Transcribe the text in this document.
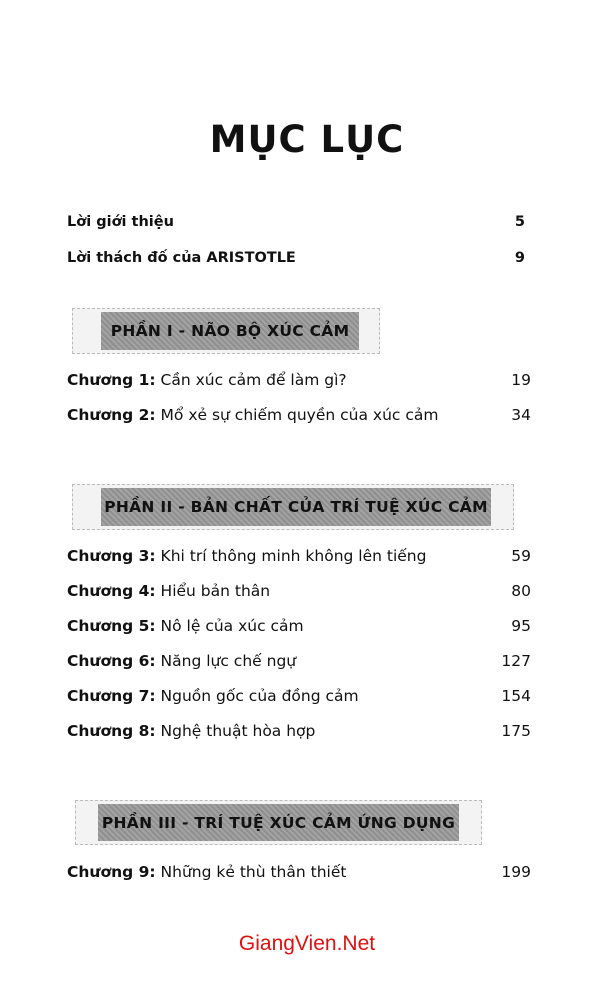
MỤC LỤC
Lời giới thiệu	5
Lời thách đố của ARISTOTLE	9
PHẦN I - NÃO BỘ XÚC CẢM
Chương 1: Cần xúc cảm để làm gì?	19
Chương 2: Mổ xẻ sự chiếm quyền của xúc cảm	34
PHẦN II - BẢN CHẤT CỦA TRÍ TUỆ XÚC CẢM
Chương 3: Khi trí thông minh không lên tiếng	59
Chương 4: Hiểu bản thân	80
Chương 5: Nô lệ của xúc cảm	95
Chương 6: Năng lực chế ngự	127
Chương 7: Nguồn gốc của đồng cảm	154
Chương 8: Nghệ thuật hòa hợp	175
PHẦN III - TRÍ TUỆ XÚC CẢM ỨNG DỤNG
Chương 9: Những kẻ thù thân thiết	199
GiangVien.Net
